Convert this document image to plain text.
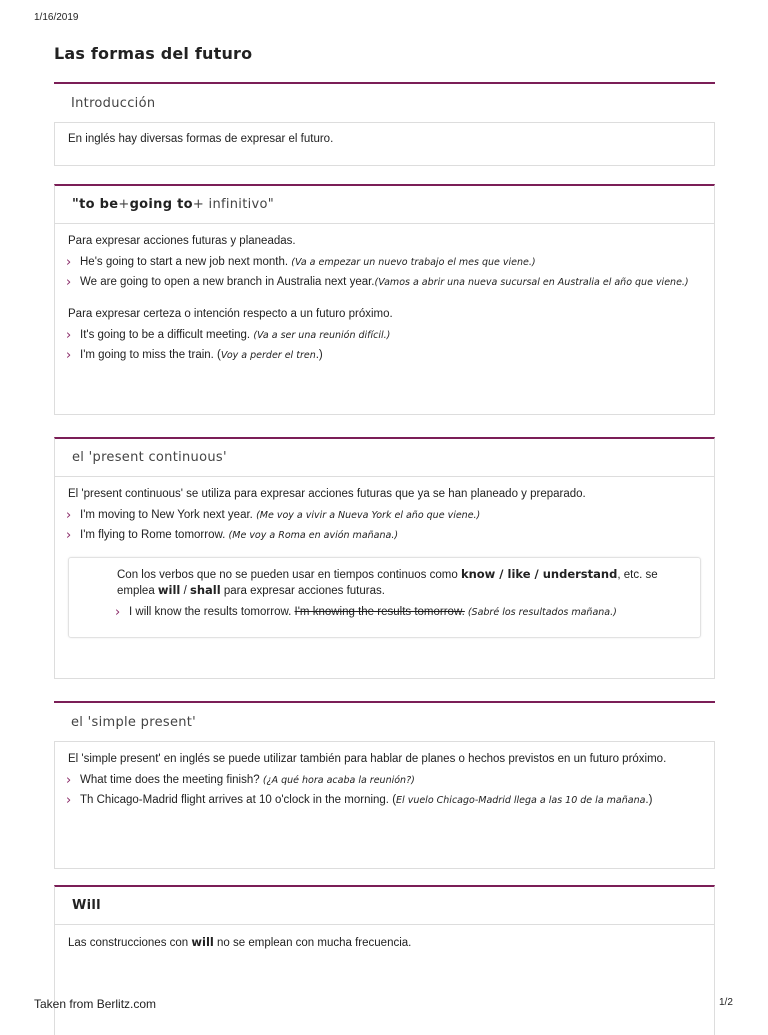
1/16/2019
Las formas del futuro
Introducción
En inglés hay diversas formas de expresar el futuro.
" to be + going to + infinitivo"
Para expresar acciones futuras y planeadas.
› He's going to start a new job next month. (Va a empezar un nuevo trabajo el mes que viene.)
› We are going to open a new branch in Australia next year.(Vamos a abrir una nueva sucursal en Australia el año que viene.)
Para expresar certeza o intención respecto a un futuro próximo.
› It's going to be a difficult meeting. (Va a ser una reunión difícil.)
› I'm going to miss the train. (Voy a perder el tren.)
el 'present continuous'
El 'present continuous' se utiliza para expresar acciones futuras que ya se han planeado y preparado.
› I'm moving to New York next year. (Me voy a vivir a Nueva York el año que viene.)
› I'm flying to Rome tomorrow. (Me voy a Roma en avión mañana.)
Con los verbos que no se pueden usar en tiempos continuos como know / like / understand, etc. se emplea will / shall para expresar acciones futuras.
› I will know the results tomorrow. I'm knowing the results tomorrow. (Sabré los resultados mañana.)
el 'simple present'
El 'simple present' en inglés se puede utilizar también para hablar de planes o hechos previstos en un futuro próximo.
› What time does the meeting finish? (¿A qué hora acaba la reunión?)
› Th Chicago-Madrid flight arrives at 10 o'clock in the morning. (El vuelo Chicago-Madrid llega a las 10 de la mañana.)
Will
Las construcciones con will no se emplean con mucha frecuencia.
Taken from Berlitz.com	1/2
